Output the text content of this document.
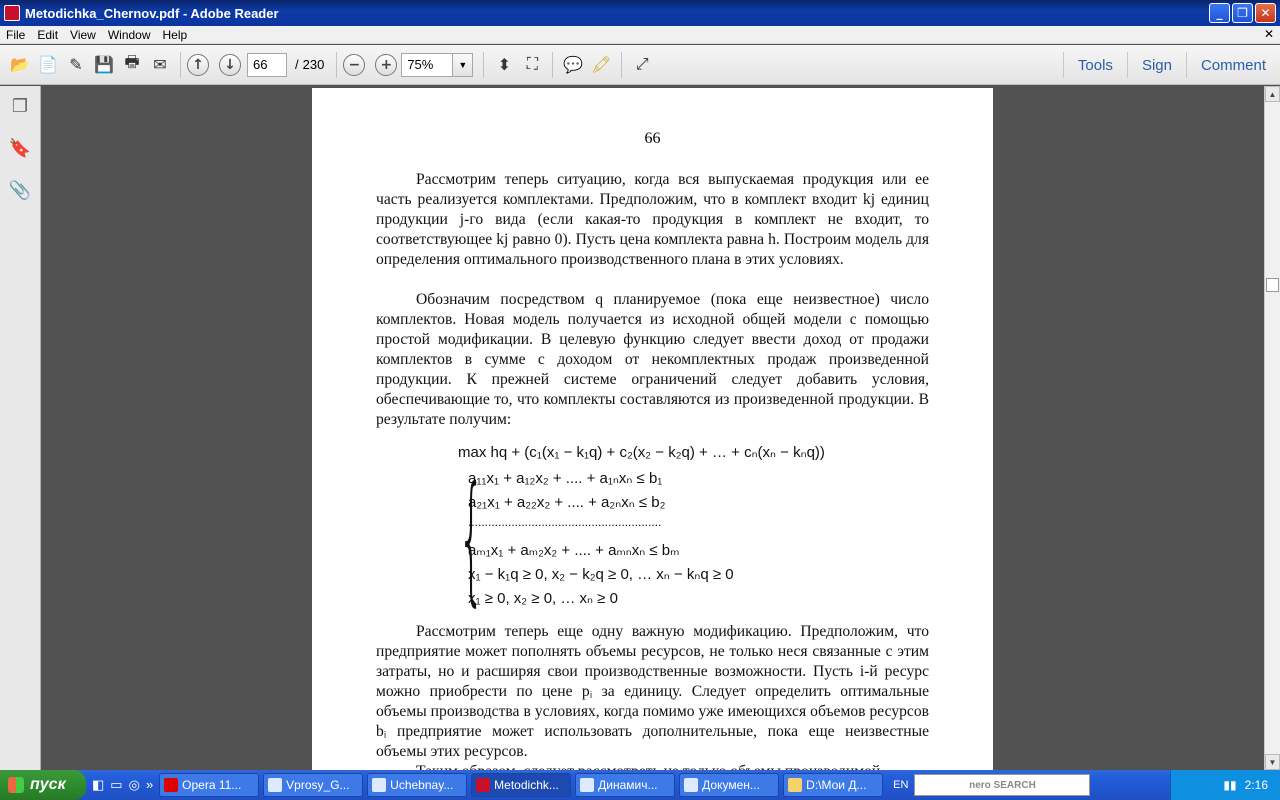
Metodichka_Chernov.pdf - Adobe Reader	_	❐	✕
File	Edit	View	Window	Help	✕
📂 📄 ✎ 💾 🖶 ✉	↑	↓
66	/ 230	−	+
75%	▼	⬍ ⛶	💬 🖍	⤢	Tools	Sign	Comment
❐
🔖
📎
66

Рассмотрим теперь ситуацию, когда вся выпускаемая продукция или ее часть реализуется комплектами. Предположим, что в комплект входит kj единиц продукции j-го вида (если какая-то продукция в комплект не входит, то соответствующее kj равно 0). Пусть цена комплекта равна h. Построим модель для определения оптимального производственного плана в этих условиях.

Обозначим посредством q планируемое (пока еще неизвестное) число комплектов. Новая модель получается из исходной общей модели с помощью простой модификации. В целевую функцию следует ввести доход от продажи комплектов в сумме с доходом от некомплектных продаж произведенной продукции. К прежней системе ограничений следует добавить условия, обеспечивающие то, что комплекты составляются из произведенной продукции. В результате получим:

max hq + (c₁(x₁ − k₁q) + c₂(x₂ − k₂q) + … + cₙ(xₙ − kₙq))
{
a₁₁x₁ + a₁₂x₂ + .... + a₁ₙxₙ ≤ b₁
a₂₁x₁ + a₂₂x₂ + .... + a₂ₙxₙ ≤ b₂
..........................................................
aₘ₁x₁ + aₘ₂x₂ + .... + aₘₙxₙ ≤ bₘ
x₁ − k₁q ≥ 0, x₂ − k₂q ≥ 0, … xₙ − kₙq ≥ 0
x₁ ≥ 0, x₂ ≥ 0, … xₙ ≥ 0

Рассмотрим теперь еще одну важную модификацию. Предположим, что предприятие может пополнять объемы ресурсов, не только неся связанные с этим затраты, но и расширяя свои производственные возможности. Пусть i-й ресурс можно приобрести по цене pᵢ за единицу. Следует определить оптимальные объемы производства в условиях, когда помимо уже имеющихся объемов ресурсов bᵢ предприятие может использовать дополнительные, пока еще неизвестные объемы этих ресурсов.

▲
▼
пуск ◧ ▭ ◎ » Opera 11...	Vprosy_G...	Uchebnay...	Metodichk...	Динамич...	Докумен...	D:\Мои Д... EN	nero SEARCH	▮▮ 2:16
